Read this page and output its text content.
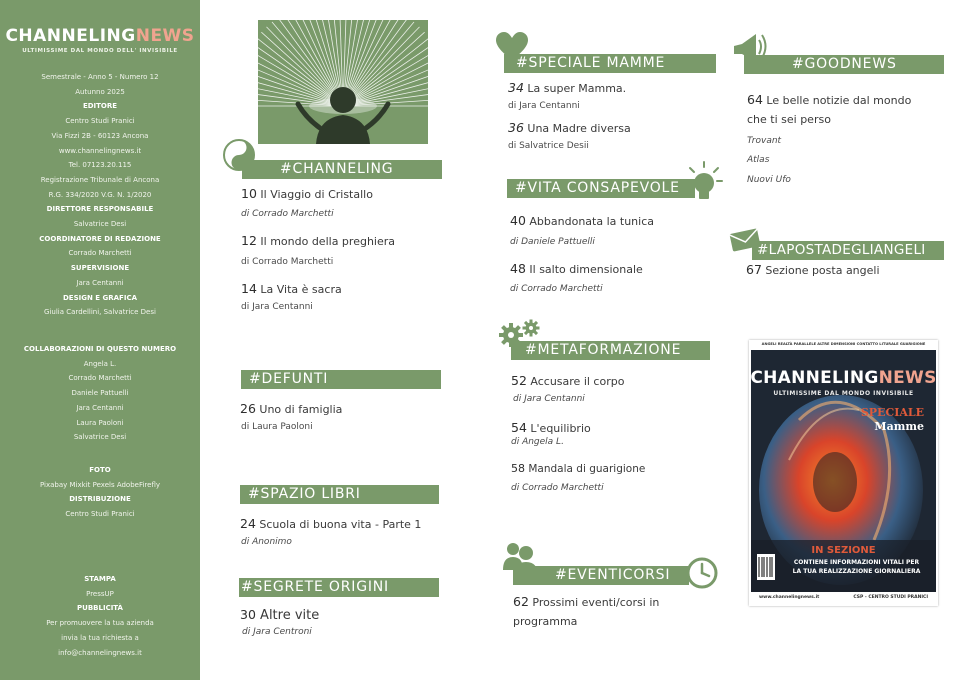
CHANNELINGNEWS
ULTIMISSIME DAL MONDO DELL' INVISIBILE
Semestrale - Anno 5 - Numero 12
Autunno 2025
EDITORE
Centro Studi Pranici
Via Fizzi 2B - 60123 Ancona
www.channelingnews.it
Tel. 07123.20.115
Registrazione Tribunale di Ancona
R.G. 334/2020 V.G. N. 1/2020
DIRETTORE RESPONSABILE
Salvatrice Desi
COORDINATORE DI REDAZIONE
Corrado Marchetti
SUPERVISIONE
Jara Centanni
DESIGN E GRAFICA
Giulia Cardellini, Salvatrice Desi
COLLABORAZIONI DI QUESTO NUMERO
Angela L.
Corrado Marchetti
Daniele Pattuelli
Jara Centanni
Laura Paoloni
Salvatrice Desi
FOTO
Pixabay Mixkit Pexels AdobeFirefly
DISTRIBUZIONE
Centro Studi Pranici
STAMPA
PressUP
PUBBLICITÀ
Per promuovere la tua azienda
invia la tua richiesta a
info@channelingnews.it
#CHANNELING
10 Il Viaggio di Cristallo
di Corrado Marchetti
12 Il mondo della preghiera
di Corrado Marchetti
14 La Vita è sacra
di Jara Centanni
#DEFUNTI
26 Uno di famiglia
di Laura Paoloni
#SPAZIO LIBRI
24 Scuola di buona vita - Parte 1
di Anonimo
#SEGRETE ORIGINI
30 Altre vite
di Jara Centroni
#SPECIALE MAMME
34 La super Mamma.
di Jara Centanni
36 Una Madre diversa
di Salvatrice Desii
#VITA CONSAPEVOLE
40 Abbandonata la tunica
di Daniele Pattuelli
48 Il salto dimensionale
di Corrado Marchetti
#METAFORMAZIONE
52 Accusare il corpo
di Jara Centanni
54 L'equilibrio
di Angela L.
58 Mandala di guarigione
di Corrado Marchetti
#EVENTICORSI
62 Prossimi eventi/corsi in
programma
#GOODNEWS
64 Le belle notizie dal mondo
che ti sei perso
Trovant
Atlas
Nuovi Ufo
#LAPOSTADEGLIANGELI
67 Sezione posta angeli
ANGELI REALTÀ PARALLELE ALTRE DIMENSIONI CONTATTO LITURALE GUARIGIONE
CHANNELINGNEWS
ULTIMISSIME DAL MONDO INVISIBILE
SPECIALE
Mamme
IN SEZIONE
CONTIENE INFORMAZIONI VITALI PER
LA TUA REALIZZAZIONE GIORNALIERA
www.channelingnews.it	CSP - CENTRO STUDI PRANICI
